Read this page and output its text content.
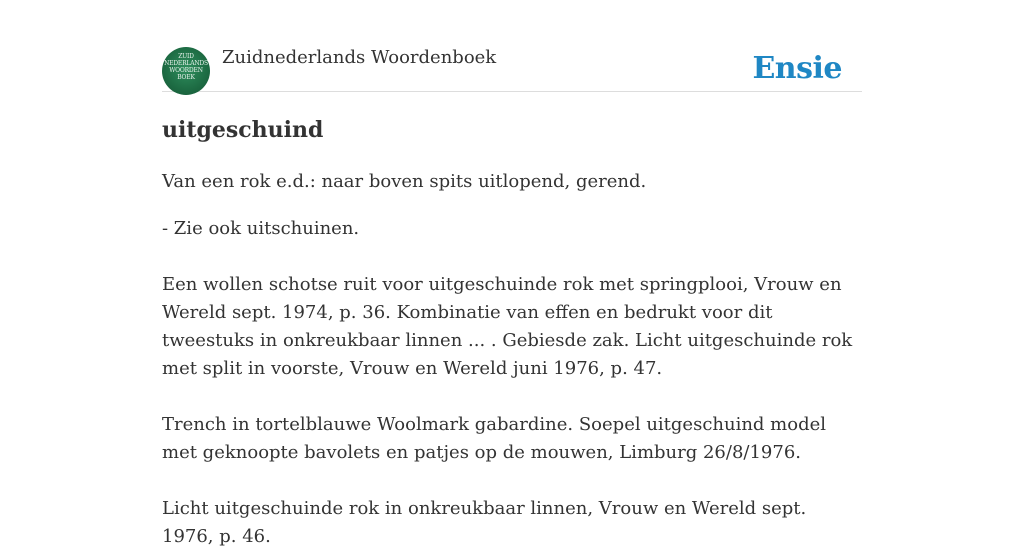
ZUID
NEDERLANDS
WOORDEN
BOEK
Zuidnederlands Woordenboek	Ensie
uitgeschuind

Van een rok e.d.: naar boven spits uitlopend, gerend.

- Zie ook uitschuinen.

Een wollen schotse ruit voor uitgeschuinde rok met springplooi, Vrouw en Wereld sept. 1974, p. 36. Kombinatie van effen en bedrukt voor dit tweestuks in onkreukbaar linnen ... . Gebiesde zak. Licht uitgeschuinde rok met split in voorste, Vrouw en Wereld juni 1976, p. 47.

Trench in tortelblauwe Woolmark gabardine. Soepel uitgeschuind model met geknoopte bavolets en patjes op de mouwen, Limburg 26/8/1976.

Licht uitgeschuinde rok in onkreukbaar linnen, Vrouw en Wereld sept. 1976, p. 46.
